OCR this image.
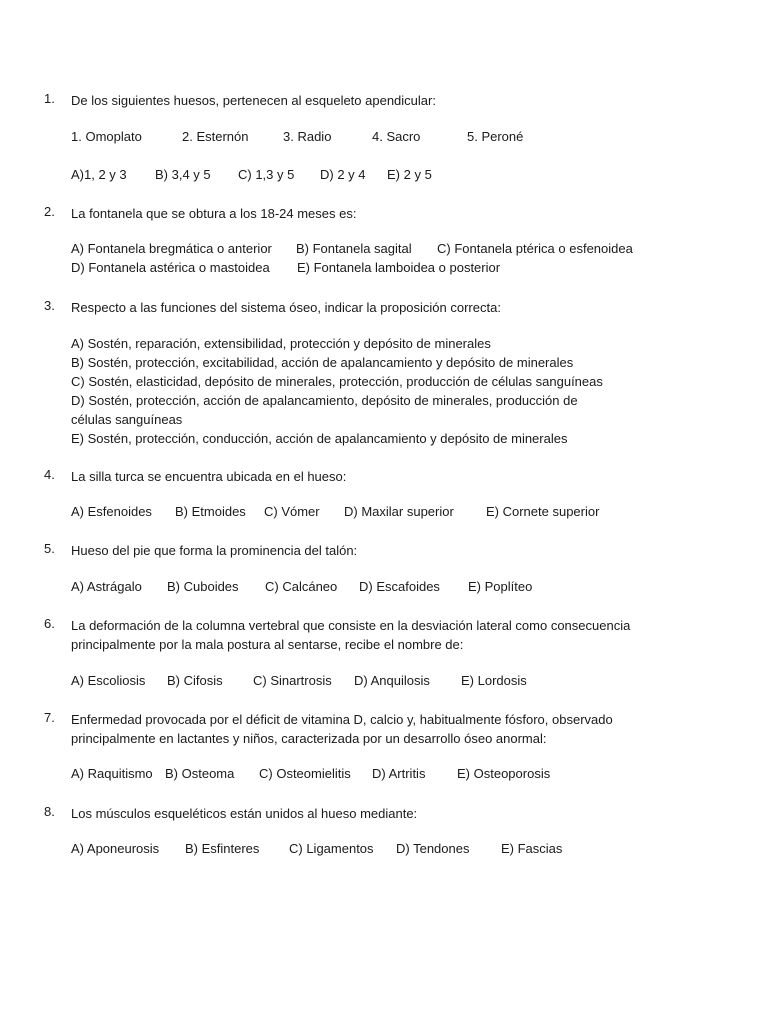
1. De los siguientes huesos, pertenecen al esqueleto apendicular:
1. Omoplato	2. Esternón	3. Radio	4. Sacro	5. Peroné
A)1, 2 y 3 B) 3,4 y 5 C) 1,3 y 5 D) 2 y 4 E) 2 y 5
2. La fontanela que se obtura a los 18-24 meses es:
A) Fontanela bregmática o anterior B) Fontanela sagital C) Fontanela ptérica o esfenoidea
D) Fontanela astérica o mastoidea E) Fontanela lamboidea o posterior
3. Respecto a las funciones del sistema óseo, indicar la proposición correcta:
A) Sostén, reparación, extensibilidad, protección y depósito de minerales
B) Sostén, protección, excitabilidad, acción de apalancamiento y depósito de minerales
C) Sostén, elasticidad, depósito de minerales, protección, producción de células sanguíneas
D) Sostén, protección, acción de apalancamiento, depósito de minerales, producción de células sanguíneas
E) Sostén, protección, conducción, acción de apalancamiento y depósito de minerales
4. La silla turca se encuentra ubicada en el hueso:
A) Esfenoides B) Etmoides C) Vómer D) Maxilar superior E) Cornete superior
5. Hueso del pie que forma la prominencia del talón:
A) Astrágalo B) Cuboides C) Calcáneo D) Escafoides E) Poplíteo
6. La deformación de la columna vertebral que consiste en la desviación lateral como consecuencia principalmente por la mala postura al sentarse, recibe el nombre de:
A) Escoliosis B) Cifosis C) Sinartrosis D) Anquilosis E) Lordosis
7. Enfermedad provocada por el déficit de vitamina D, calcio y, habitualmente fósforo, observado principalmente en lactantes y niños, caracterizada por un desarrollo óseo anormal:
A) Raquitismo B) Osteoma C) Osteomielitis D) Artritis E) Osteoporosis
8. Los músculos esqueléticos están unidos al hueso mediante:
A) Aponeurosis B) Esfinteres C) Ligamentos D) Tendones E) Fascias
